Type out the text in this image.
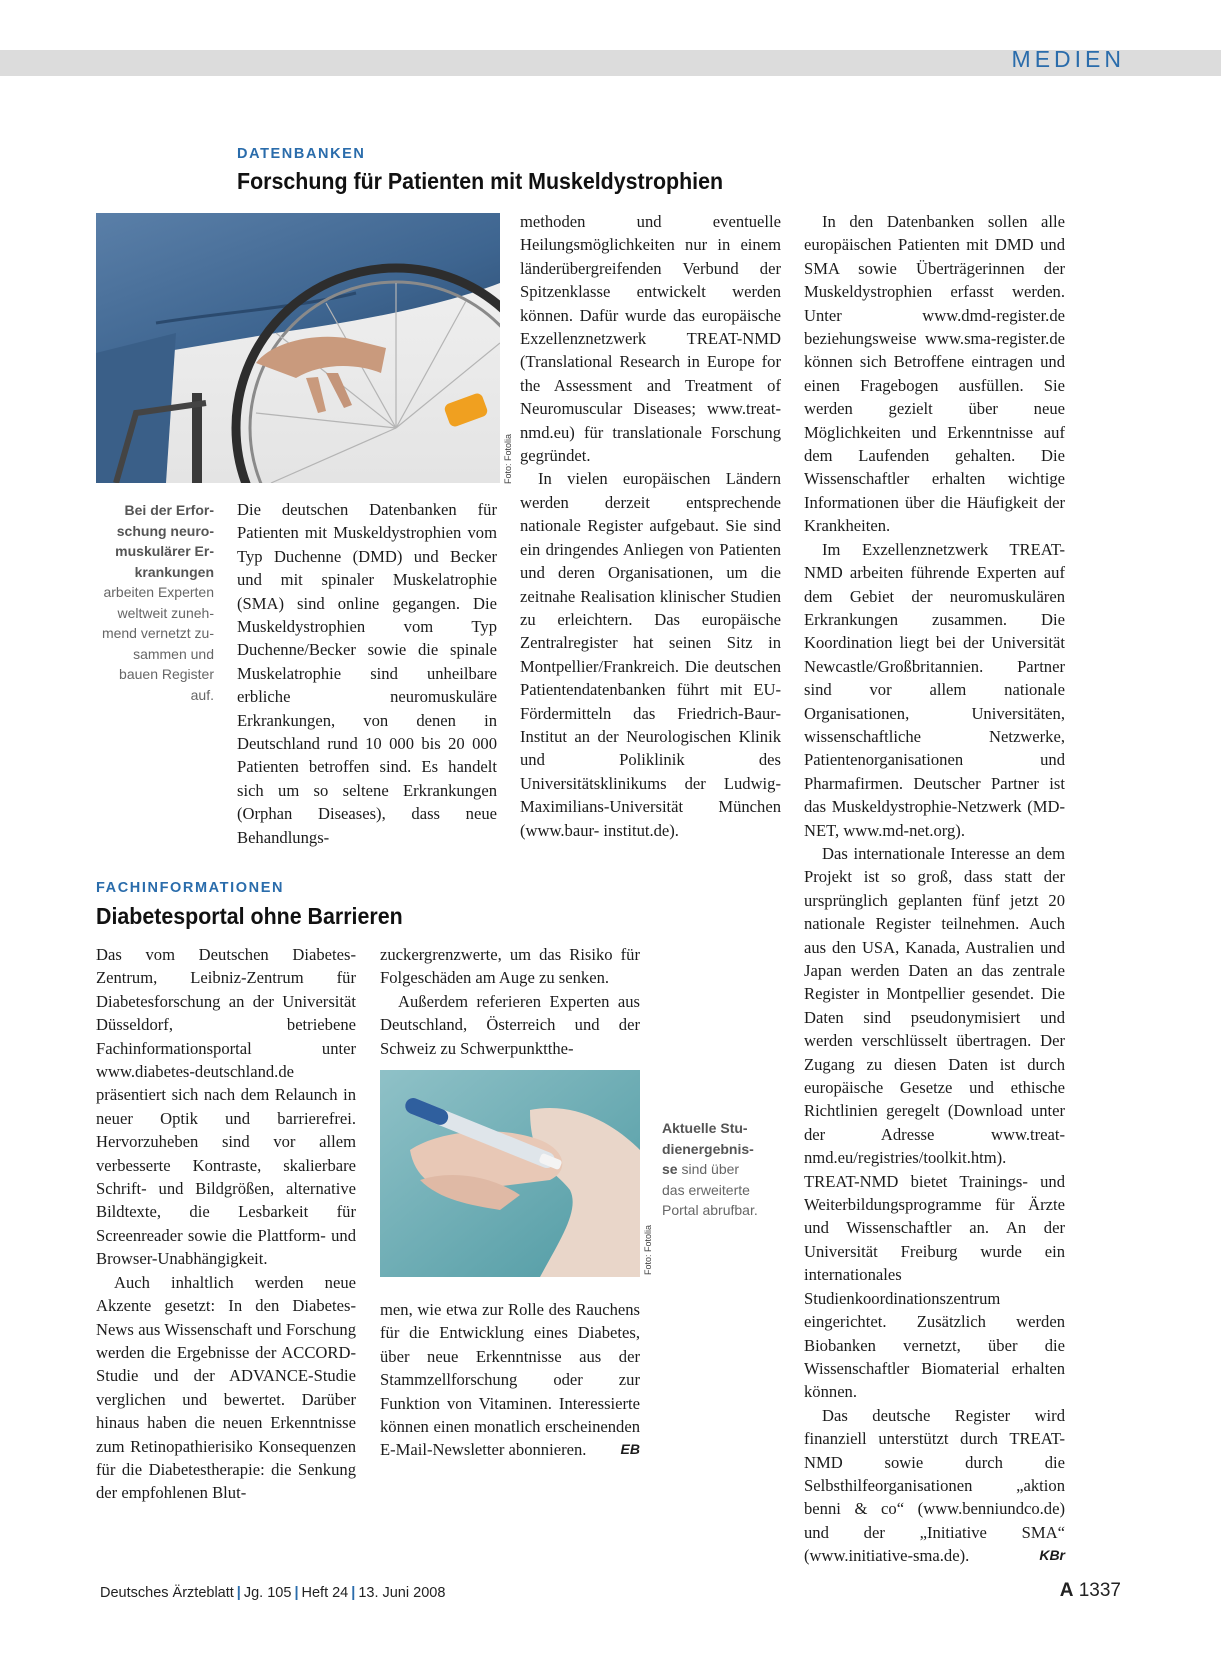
MEDIEN
DATENBANKEN
Forschung für Patienten mit Muskeldystrophien
Foto: Fotolia
Bei der Erfor-schung neuro-muskulärer Er-krankungen arbeiten Experten weltweit zuneh-mend vernetzt zu-sammen und bauen Register auf.

Die deutschen Datenbanken für Patienten mit Muskeldystrophien vom Typ Duchenne (DMD) und Becker und mit spinaler Muskelatrophie (SMA) sind online gegangen. Die Muskeldystrophien vom Typ Duchenne/Becker sowie die spinale Muskelatrophie sind unheilbare erbliche neuromuskuläre Erkrankungen, von denen in Deutschland rund 10 000 bis 20 000 Patienten betroffen sind. Es handelt sich um so seltene Erkrankungen (Orphan Diseases), dass neue Behandlungs-

methoden und eventuelle Heilungsmöglichkeiten nur in einem länderübergreifenden Verbund der Spitzenklasse entwickelt werden können. Dafür wurde das europäische Exzellenznetzwerk TREAT-NMD (Translational Research in Europe for the Assessment and Treatment of Neuromuscular Diseases; www.treat-nmd.eu) für translationale Forschung gegründet.

In vielen europäischen Ländern werden derzeit entsprechende nationale Register aufgebaut. Sie sind ein dringendes Anliegen von Patienten und deren Organisationen, um die zeitnahe Realisation klinischer Studien zu erleichtern. Das europäische Zentralregister hat seinen Sitz in Montpellier/Frankreich. Die deutschen Patientendatenbanken führt mit EU-Fördermitteln das Friedrich-Baur-Institut an der Neurologischen Klinik und Poliklinik des Universitätsklinikums der Ludwig-Maximilians-Universität München (www.baur- institut.de).

In den Datenbanken sollen alle europäischen Patienten mit DMD und SMA sowie Überträgerinnen der Muskeldystrophien erfasst werden. Unter www.dmd-register.de beziehungsweise www.sma-register.de können sich Betroffene eintragen und einen Fragebogen ausfüllen. Sie werden gezielt über neue Möglichkeiten und Erkenntnisse auf dem Laufenden gehalten. Die Wissenschaftler erhalten wichtige Informationen über die Häufigkeit der Krankheiten.

Im Exzellenznetzwerk TREAT-NMD arbeiten führende Experten auf dem Gebiet der neuromuskulären Erkrankungen zusammen. Die Koordination liegt bei der Universität Newcastle/Großbritannien. Partner sind vor allem nationale Organisationen, Universitäten, wissenschaftliche Netzwerke, Patientenorganisationen und Pharmafirmen. Deutscher Partner ist das Muskeldystrophie-Netzwerk (MD-NET, www.md-net.org).

Das internationale Interesse an dem Projekt ist so groß, dass statt der ursprünglich geplanten fünf jetzt 20 nationale Register teilnehmen. Auch aus den USA, Kanada, Australien und Japan werden Daten an das zentrale Register in Montpellier gesendet. Die Daten sind pseudonymisiert und werden verschlüsselt übertragen. Der Zugang zu diesen Daten ist durch europäische Gesetze und ethische Richtlinien geregelt (Download unter der Adresse www.treat-nmd.eu/registries/toolkit.htm). TREAT-NMD bietet Trainings- und Weiterbildungsprogramme für Ärzte und Wissenschaftler an. An der Universität Freiburg wurde ein internationales Studienkoordinationszentrum eingerichtet. Zusätzlich werden Biobanken vernetzt, über die Wissenschaftler Biomaterial erhalten können.

Das deutsche Register wird finanziell unterstützt durch TREAT-NMD sowie durch die Selbsthilfeorganisationen „aktion benni & co“ (www.benniundco.de) und der „Initiative SMA“ (www.initiative-sma.de).	KBr

FACHINFORMATIONEN
Diabetesportal ohne Barrieren

Das vom Deutschen Diabetes-Zentrum, Leibniz-Zentrum für Diabetesforschung an der Universität Düsseldorf, betriebene Fachinformationsportal unter www.diabetes-deutschland.de präsentiert sich nach dem Relaunch in neuer Optik und barrierefrei. Hervorzuheben sind vor allem verbesserte Kontraste, skalierbare Schrift- und Bildgrößen, alternative Bildtexte, die Lesbarkeit für Screenreader sowie die Plattform- und Browser-Unabhängigkeit.

Auch inhaltlich werden neue Akzente gesetzt: In den Diabetes-News aus Wissenschaft und Forschung werden die Ergebnisse der ACCORD-Studie und der ADVANCE-Studie verglichen und bewertet. Darüber hinaus haben die neuen Erkenntnisse zum Retinopathierisiko Konsequenzen für die Diabetestherapie: die Senkung der empfohlenen Blut-

zuckergrenzwerte, um das Risiko für Folgeschäden am Auge zu senken.

Außerdem referieren Experten aus Deutschland, Österreich und der Schweiz zu Schwerpunktthe-

Foto: Fotolia
Aktuelle Stu-dienergebnis-se sind über das erweiterte Portal abrufbar.

men, wie etwa zur Rolle des Rauchens für die Entwicklung eines Diabetes, über neue Erkenntnisse aus der Stammzellforschung oder zur Funktion von Vitaminen. Interessierte können einen monatlich erscheinenden E-Mail-Newsletter abonnieren. EB

Deutsches Ärzteblatt | Jg. 105 | Heft 24 | 13. Juni 2008	A 1337
